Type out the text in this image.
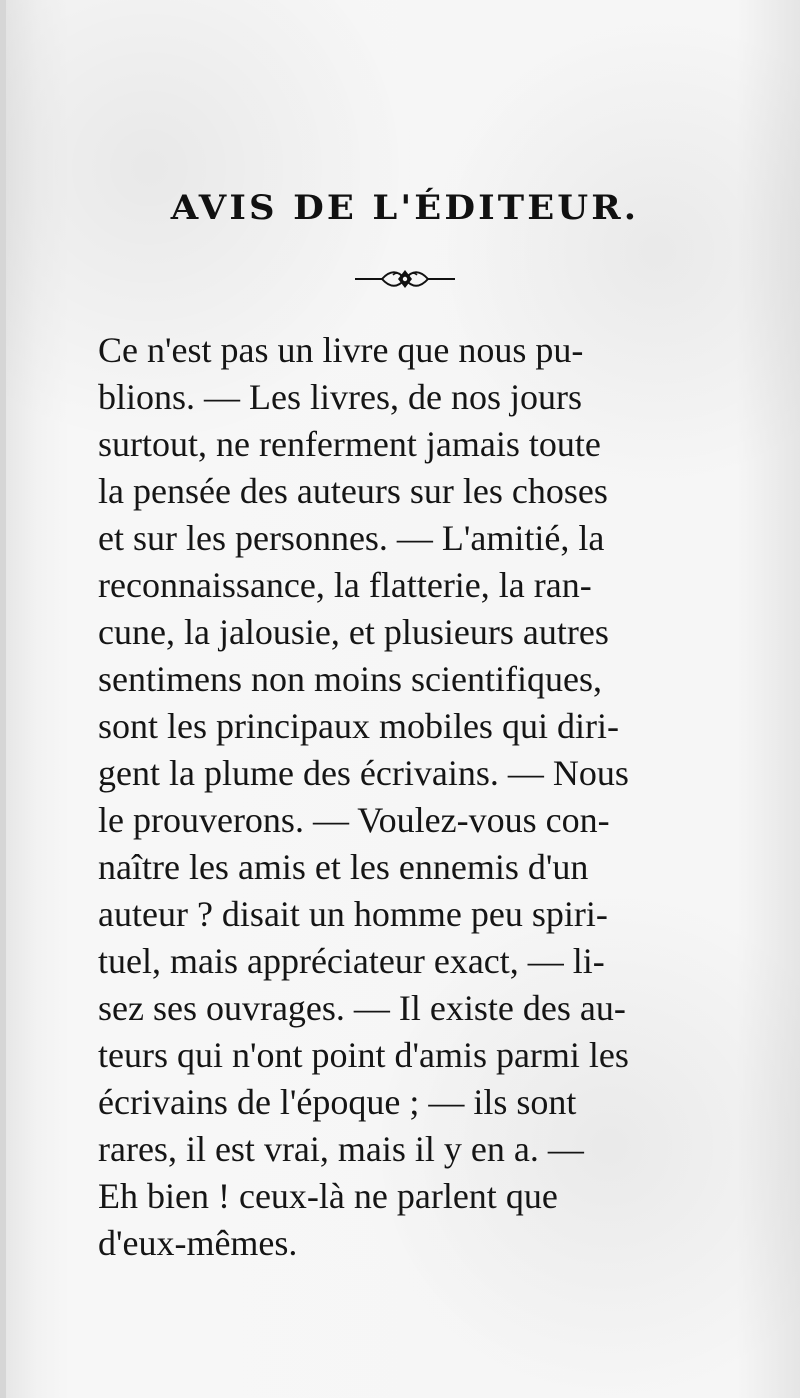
AVIS DE L'ÉDITEUR.

Ce n'est pas un livre que nous pu-
blions. — Les livres, de nos jours
surtout, ne renferment jamais toute
la pensée des auteurs sur les choses
et sur les personnes. — L'amitié, la
reconnaissance, la flatterie, la ran-
cune, la jalousie, et plusieurs autres
sentimens non moins scientifiques,
sont les principaux mobiles qui diri-
gent la plume des écrivains. — Nous
le prouverons. — Voulez-vous con-
naître les amis et les ennemis d'un
auteur ? disait un homme peu spiri-
tuel, mais appréciateur exact, — li-
sez ses ouvrages. — Il existe des au-
teurs qui n'ont point d'amis parmi les
écrivains de l'époque ; — ils sont
rares, il est vrai, mais il y en a. —
Eh bien ! ceux-là ne parlent que
d'eux-mêmes.
